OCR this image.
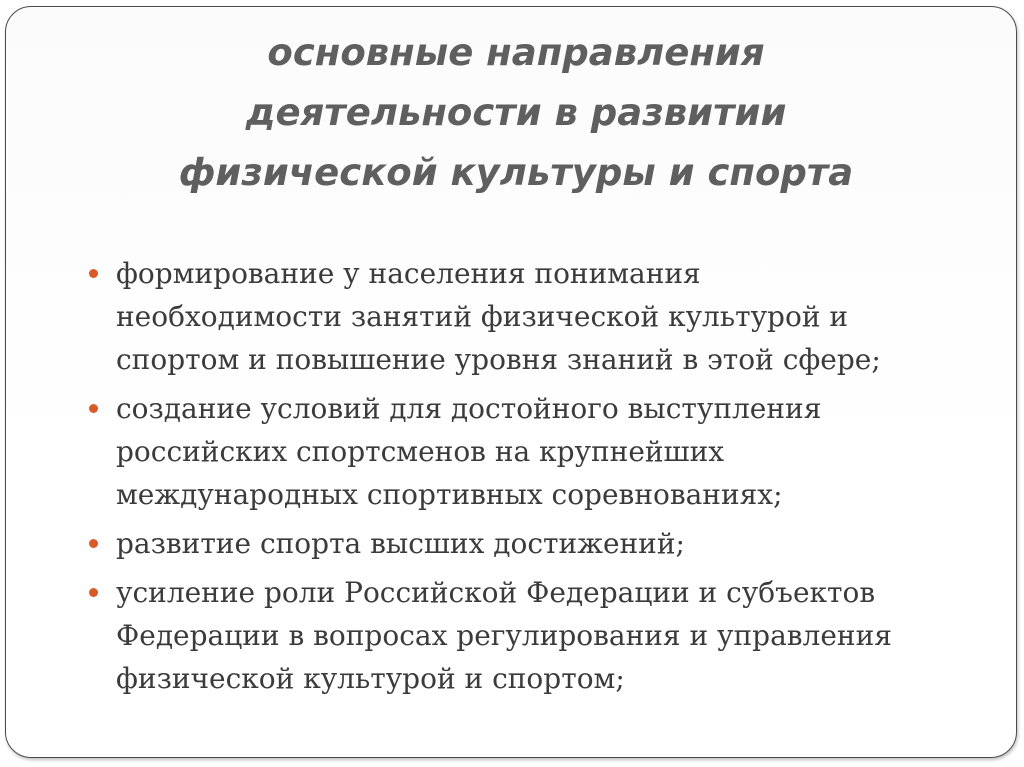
основные направления
деятельности в развитии
физической культуры и спорта
формирование у населения понимания
необходимости занятий физической культурой и
спортом и повышение уровня знаний в этой сфере;
создание условий для достойного выступления
российских спортсменов на крупнейших
международных спортивных соревнованиях;
развитие спорта высших достижений;
усиление роли Российской Федерации и субъектов
Федерации в вопросах регулирования и управления
физической культурой и спортом;
